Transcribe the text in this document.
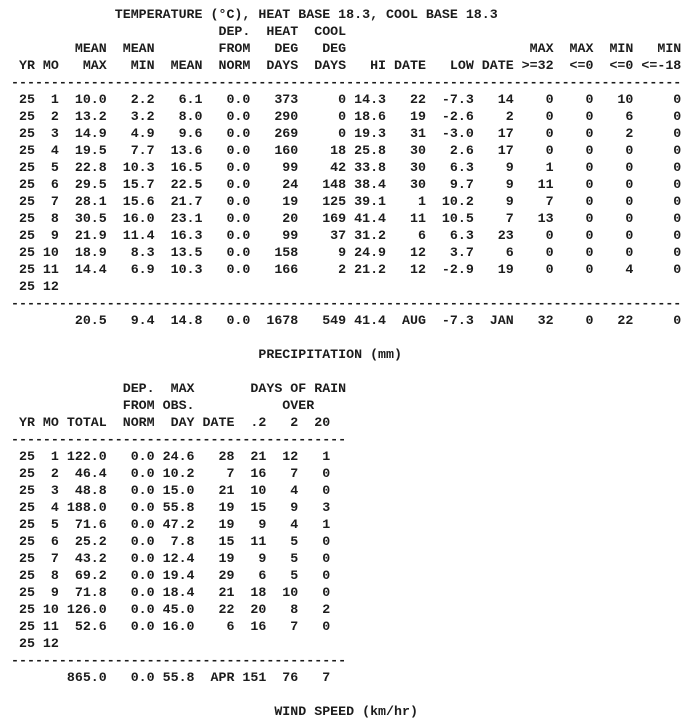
TEMPERATURE (°C), HEAT BASE 18.3, COOL BASE 18.3
DEP.  HEAT  COOL
MEAN  MEAN        FROM   DEG   DEG                       MAX  MAX  MIN   MIN
YR MO   MAX   MIN  MEAN  NORM  DAYS  DAYS   HI DATE   LOW DATE >=32  <=0  <=0 <=-18
------------------------------------------------------------------------------------
25  1  10.0   2.2   6.1   0.0   373     0 14.3   22  -7.3   14    0    0   10     0
25  2  13.2   3.2   8.0   0.0   290     0 18.6   19  -2.6    2    0    0    6     0
25  3  14.9   4.9   9.6   0.0   269     0 19.3   31  -3.0   17    0    0    2     0
25  4  19.5   7.7  13.6   0.0   160    18 25.8   30   2.6   17    0    0    0     0
25  5  22.8  10.3  16.5   0.0    99    42 33.8   30   6.3    9    1    0    0     0
25  6  29.5  15.7  22.5   0.0    24   148 38.4   30   9.7    9   11    0    0     0
25  7  28.1  15.6  21.7   0.0    19   125 39.1    1  10.2    9    7    0    0     0
25  8  30.5  16.0  23.1   0.0    20   169 41.4   11  10.5    7   13    0    0     0
25  9  21.9  11.4  16.3   0.0    99    37 31.2    6   6.3   23    0    0    0     0
25 10  18.9   8.3  13.5   0.0   158     9 24.9   12   3.7    6    0    0    0     0
25 11  14.4   6.9  10.3   0.0   166     2 21.2   12  -2.9   19    0    0    4     0
25 12
------------------------------------------------------------------------------------
20.5   9.4  14.8   0.0  1678   549 41.4  AUG  -7.3  JAN   32    0   22     0

PRECIPITATION (mm)

DEP.  MAX       DAYS OF RAIN
FROM OBS.           OVER
YR MO TOTAL  NORM  DAY DATE  .2   2  20
------------------------------------------
25  1 122.0   0.0 24.6   28  21  12   1
25  2  46.4   0.0 10.2    7  16   7   0
25  3  48.8   0.0 15.0   21  10   4   0
25  4 188.0   0.0 55.8   19  15   9   3
25  5  71.6   0.0 47.2   19   9   4   1
25  6  25.2   0.0  7.8   15  11   5   0
25  7  43.2   0.0 12.4   19   9   5   0
25  8  69.2   0.0 19.4   29   6   5   0
25  9  71.8   0.0 18.4   21  18  10   0
25 10 126.0   0.0 45.0   22  20   8   2
25 11  52.6   0.0 16.0    6  16   7   0
25 12
------------------------------------------
865.0   0.0 55.8  APR 151  76   7

WIND SPEED (km/hr)
